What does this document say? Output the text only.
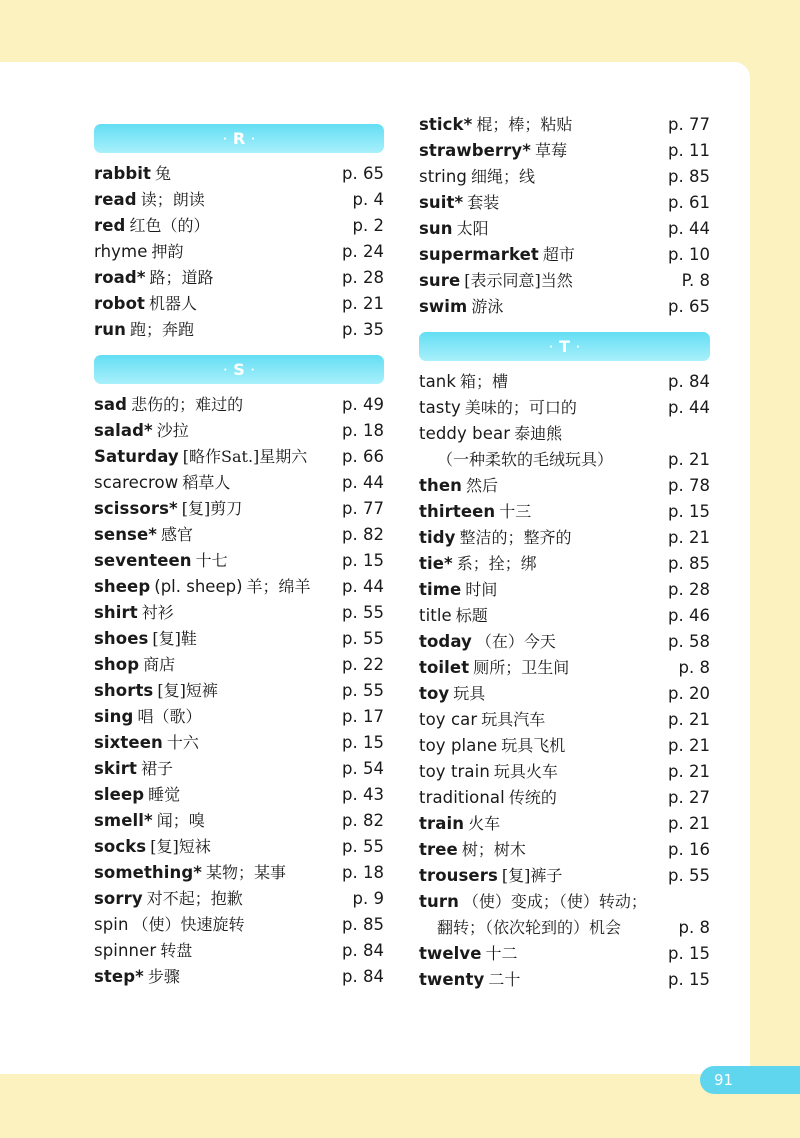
· R ·
rabbit 兔	p. 65
read 读；朗读	p. 4
red 红色（的）	p. 2
rhyme 押韵	p. 24
road* 路；道路	p. 28
robot 机器人	p. 21
run 跑；奔跑	p. 35
· S ·
sad 悲伤的；难过的	p. 49
salad* 沙拉	p. 18
Saturday [略作Sat.]星期六 p. 66
scarecrow 稻草人	p. 44
scissors* [复]剪刀	p. 77
sense* 感官	p. 82
seventeen 十七	p. 15
sheep (pl. sheep) 羊；绵羊 p. 44
shirt 衬衫	p. 55
shoes [复]鞋	p. 55
shop 商店	p. 22
shorts [复]短裤	p. 55
sing 唱（歌）	p. 17
sixteen 十六	p. 15
skirt 裙子	p. 54
sleep 睡觉	p. 43
smell* 闻；嗅	p. 82
socks [复]短袜	p. 55
something* 某物；某事	p. 18
sorry 对不起；抱歉	p. 9
spin （使）快速旋转	p. 85
spinner 转盘	p. 84
step* 步骤	p. 84
stick* 棍；棒；粘贴	p. 77
strawberry* 草莓	p. 11
string 细绳；线	p. 85
suit* 套装	p. 61
sun 太阳	p. 44
supermarket 超市	p. 10
sure [表示同意]当然	P. 8
swim 游泳	p. 65
· T ·
tank 箱；槽	p. 84
tasty 美味的；可口的	p. 44
teddy bear 泰迪熊
（一种柔软的毛绒玩具）	p. 21
then 然后	p. 78
thirteen 十三	p. 15
tidy 整洁的；整齐的	p. 21
tie* 系；拴；绑	p. 85
time 时间	p. 28
title 标题	p. 46
today （在）今天	p. 58
toilet 厕所；卫生间	p. 8
toy 玩具	p. 20
toy car 玩具汽车	p. 21
toy plane 玩具飞机	p. 21
toy train 玩具火车	p. 21
traditional 传统的	p. 27
train 火车	p. 21
tree 树；树木	p. 16
trousers [复]裤子	p. 55
turn （使）变成；（使）转动；
翻转；（依次轮到的）机会	p. 8
twelve 十二	p. 15
twenty 二十	p. 15
91
